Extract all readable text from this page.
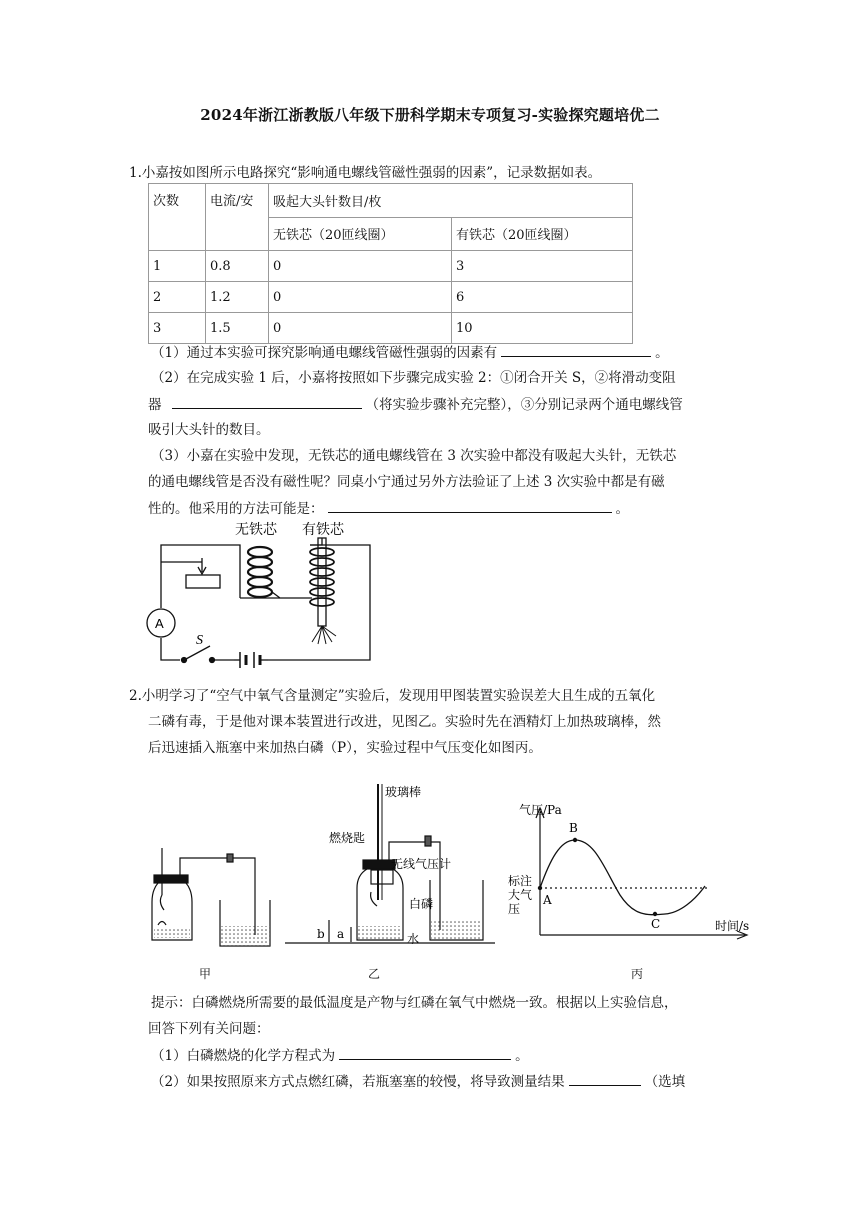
2024年浙江浙教版八年级下册科学期末专项复习-实验探究题培优二
1.小嘉按如图所示电路探究“影响通电螺线管磁性强弱的因素”，记录数据如表。
次数	电流/安	吸起大头针数目/枚	
		无铁芯（20匝线圈）	有铁芯（20匝线圈）
1	0.8	0	3
2	1.2	0	6
3	1.5	0	10
（1）通过本实验可探究影响通电螺线管磁性强弱的因素有	。
（2）在完成实验 1 后，小嘉将按照如下步骤完成实验 2：①闭合开关 S，②将滑动变阻
器	（将实验步骤补充完整），③分别记录两个通电螺线管
吸引大头针的数目。
（3）小嘉在实验中发现，无铁芯的通电螺线管在 3 次实验中都没有吸起大头针，无铁芯
的通电螺线管是否没有磁性呢？同桌小宁通过另外方法验证了上述 3 次实验中都是有磁
性的。他采用的方法可能是：	。
无铁芯 有铁芯
A
S
2.小明学习了“空气中氧气含量测定”实验后，发现用甲图装置实验误差大且生成的五氧化
二磷有毒，于是他对课本装置进行改进，见图乙。实验时先在酒精灯上加热玻璃棒，然
后迅速插入瓶塞中来加热白磷（P），实验过程中气压变化如图丙。
甲
玻璃棒
燃烧匙
无线气压计
白磷
水
b a
乙
气压/Pa
时间/s
标注
大气
压
A
B
C
丙
提示：白磷燃烧所需要的最低温度是产物与红磷在氧气中燃烧一致。根据以上实验信息，
回答下列有关问题：
（1）白磷燃烧的化学方程式为	。
（2）如果按照原来方式点燃红磷，若瓶塞塞的较慢，将导致测量结果	（选填
